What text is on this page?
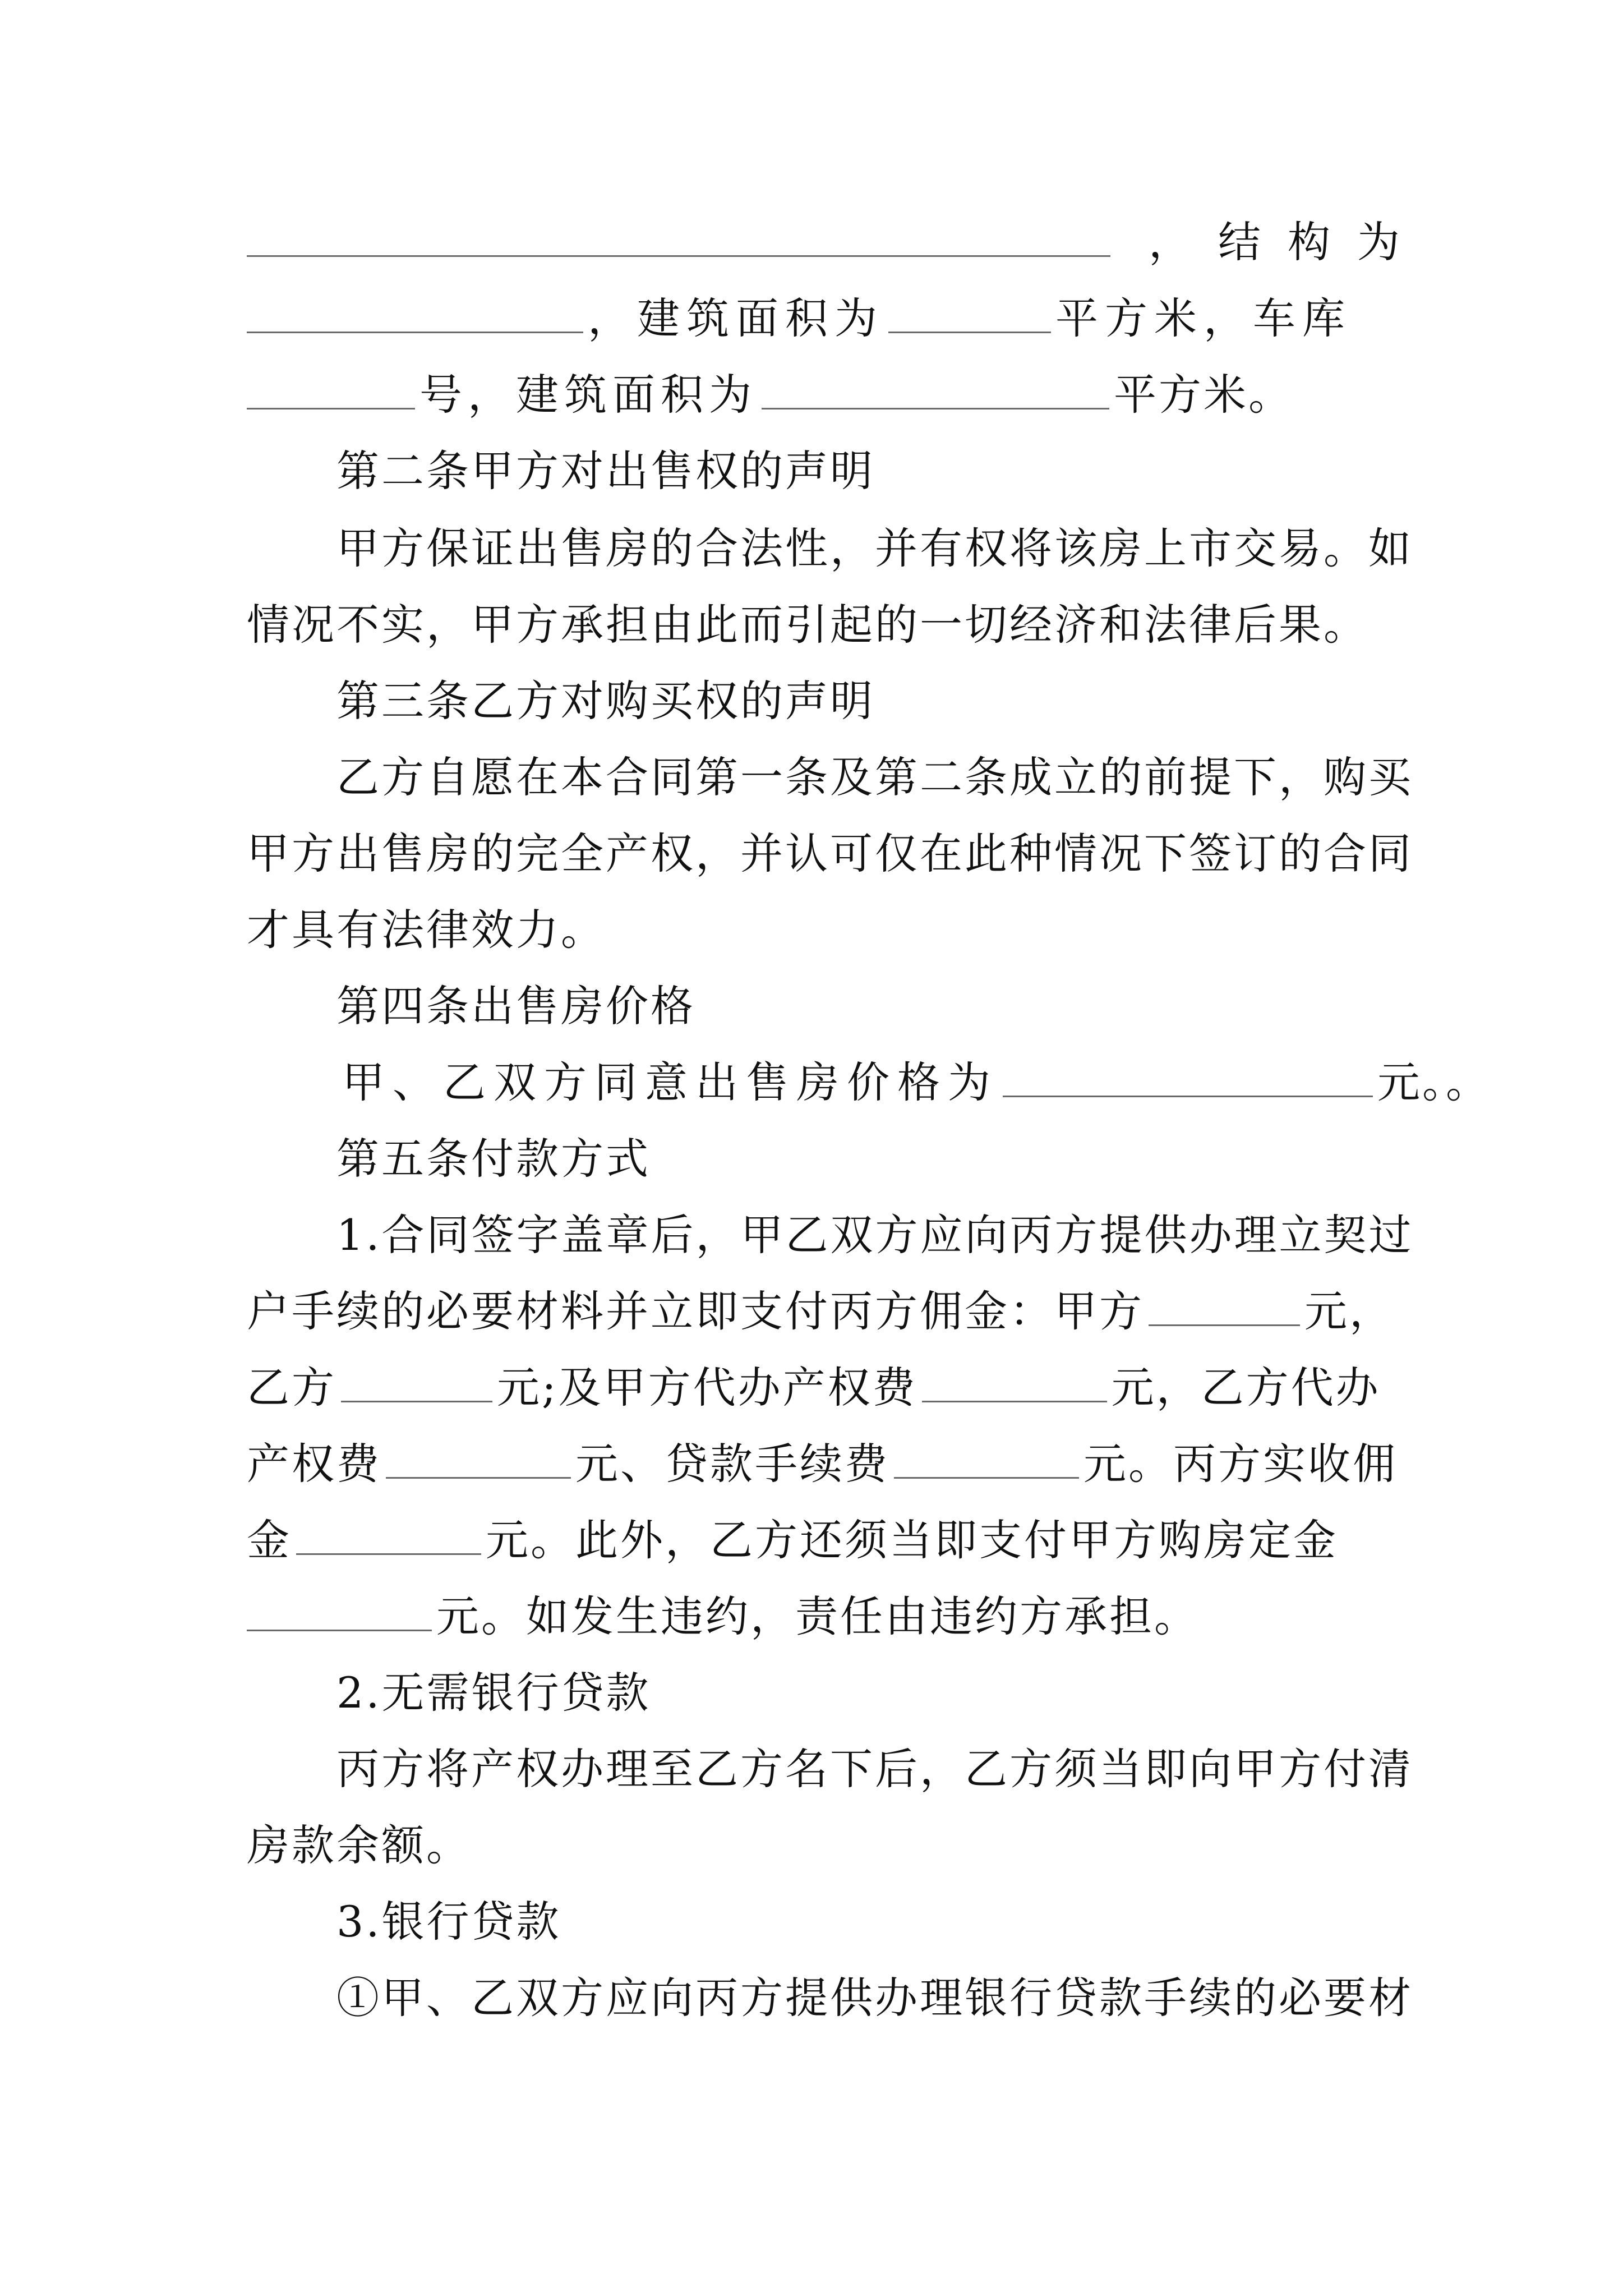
，结构为
，建筑面积为	平方米，车库
号，建筑面积为	平方米。
第二条甲方对出售权的声明
甲方保证出售房的合法性，并有权将该房上市交易。如
情况不实，甲方承担由此而引起的一切经济和法律后果。
第三条乙方对购买权的声明
乙方自愿在本合同第一条及第二条成立的前提下，购买
甲方出售房的完全产权，并认可仅在此种情况下签订的合同
才具有法律效力。
第四条出售房价格
甲、乙双方同意出售房价格为	元。。
第五条付款方式
1.合同签字盖章后，甲乙双方应向丙方提供办理立契过
户手续的必要材料并立即支付丙方佣金：甲方	元，
乙方	元;及甲方代办产权费	元，乙方代办
产权费	元、贷款手续费	元。丙方实收佣
金	元。此外，乙方还须当即支付甲方购房定金
元。如发生违约，责任由违约方承担。
2.无需银行贷款
丙方将产权办理至乙方名下后，乙方须当即向甲方付清
房款余额。
3.银行贷款
①甲、乙双方应向丙方提供办理银行贷款手续的必要材
